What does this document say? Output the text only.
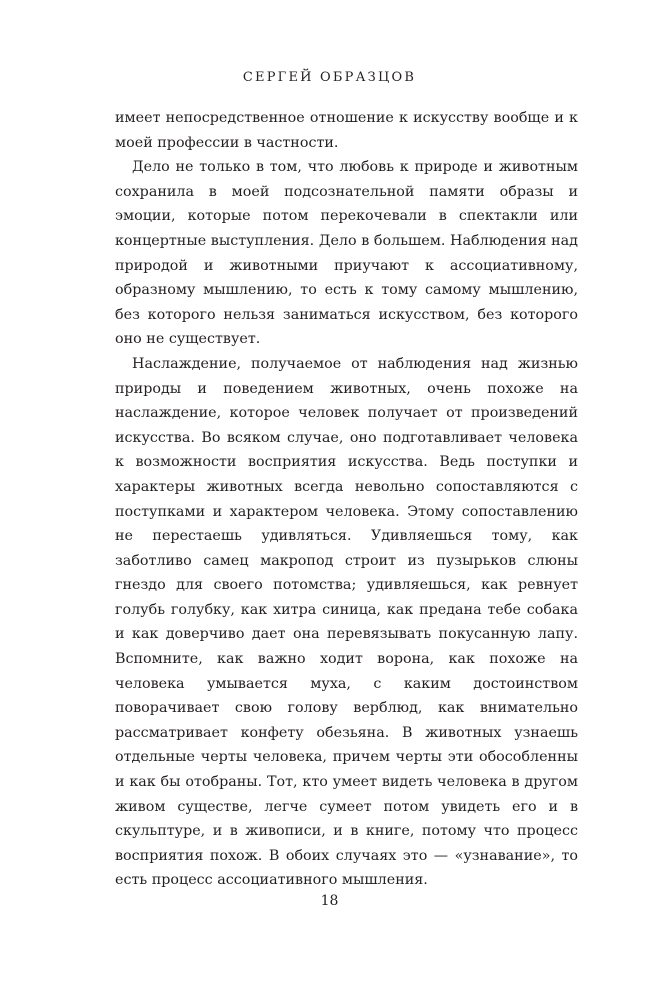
СЕРГЕЙ ОБРАЗЦОВ

имеет непосредственное отношение к искусству вообще и к моей профессии в частности.

Дело не только в том, что любовь к природе и животным сохранила в моей подсознательной памяти образы и эмоции, которые потом перекочевали в спектакли или концертные выступления. Дело в большем. Наблюдения над природой и животными приучают к ассоциативному, образному мышлению, то есть к тому самому мышлению, без которого нельзя заниматься искусством, без которого оно не существует.

Наслаждение, получаемое от наблюдения над жизнью природы и поведением животных, очень похоже на наслаждение, которое человек получает от произведений искусства. Во всяком случае, оно подготавливает человека к возможности восприятия искусства. Ведь поступки и характеры животных всегда невольно сопоставляются с поступками и характером человека. Этому сопоставлению не перестаешь удивляться. Удивляешься тому, как заботливо самец макропод строит из пузырьков слюны гнездо для своего потомства; удивляешься, как ревнует голубь голубку, как хитра синица, как предана тебе собака и как доверчиво дает она перевязывать покусанную лапу. Вспомните, как важно ходит ворона, как похоже на человека умывается муха, с каким достоинством поворачивает свою голову верблюд, как внимательно рассматривает конфету обезьяна. В животных узнаешь отдельные черты человека, причем черты эти обособленны и как бы отобраны. Тот, кто умеет видеть человека в другом живом существе, легче сумеет потом увидеть его и в скульптуре, и в живописи, и в книге, потому что процесс восприятия похож. В обоих случаях это — «узнавание», то есть процесс ассоциативного мышления.

18
